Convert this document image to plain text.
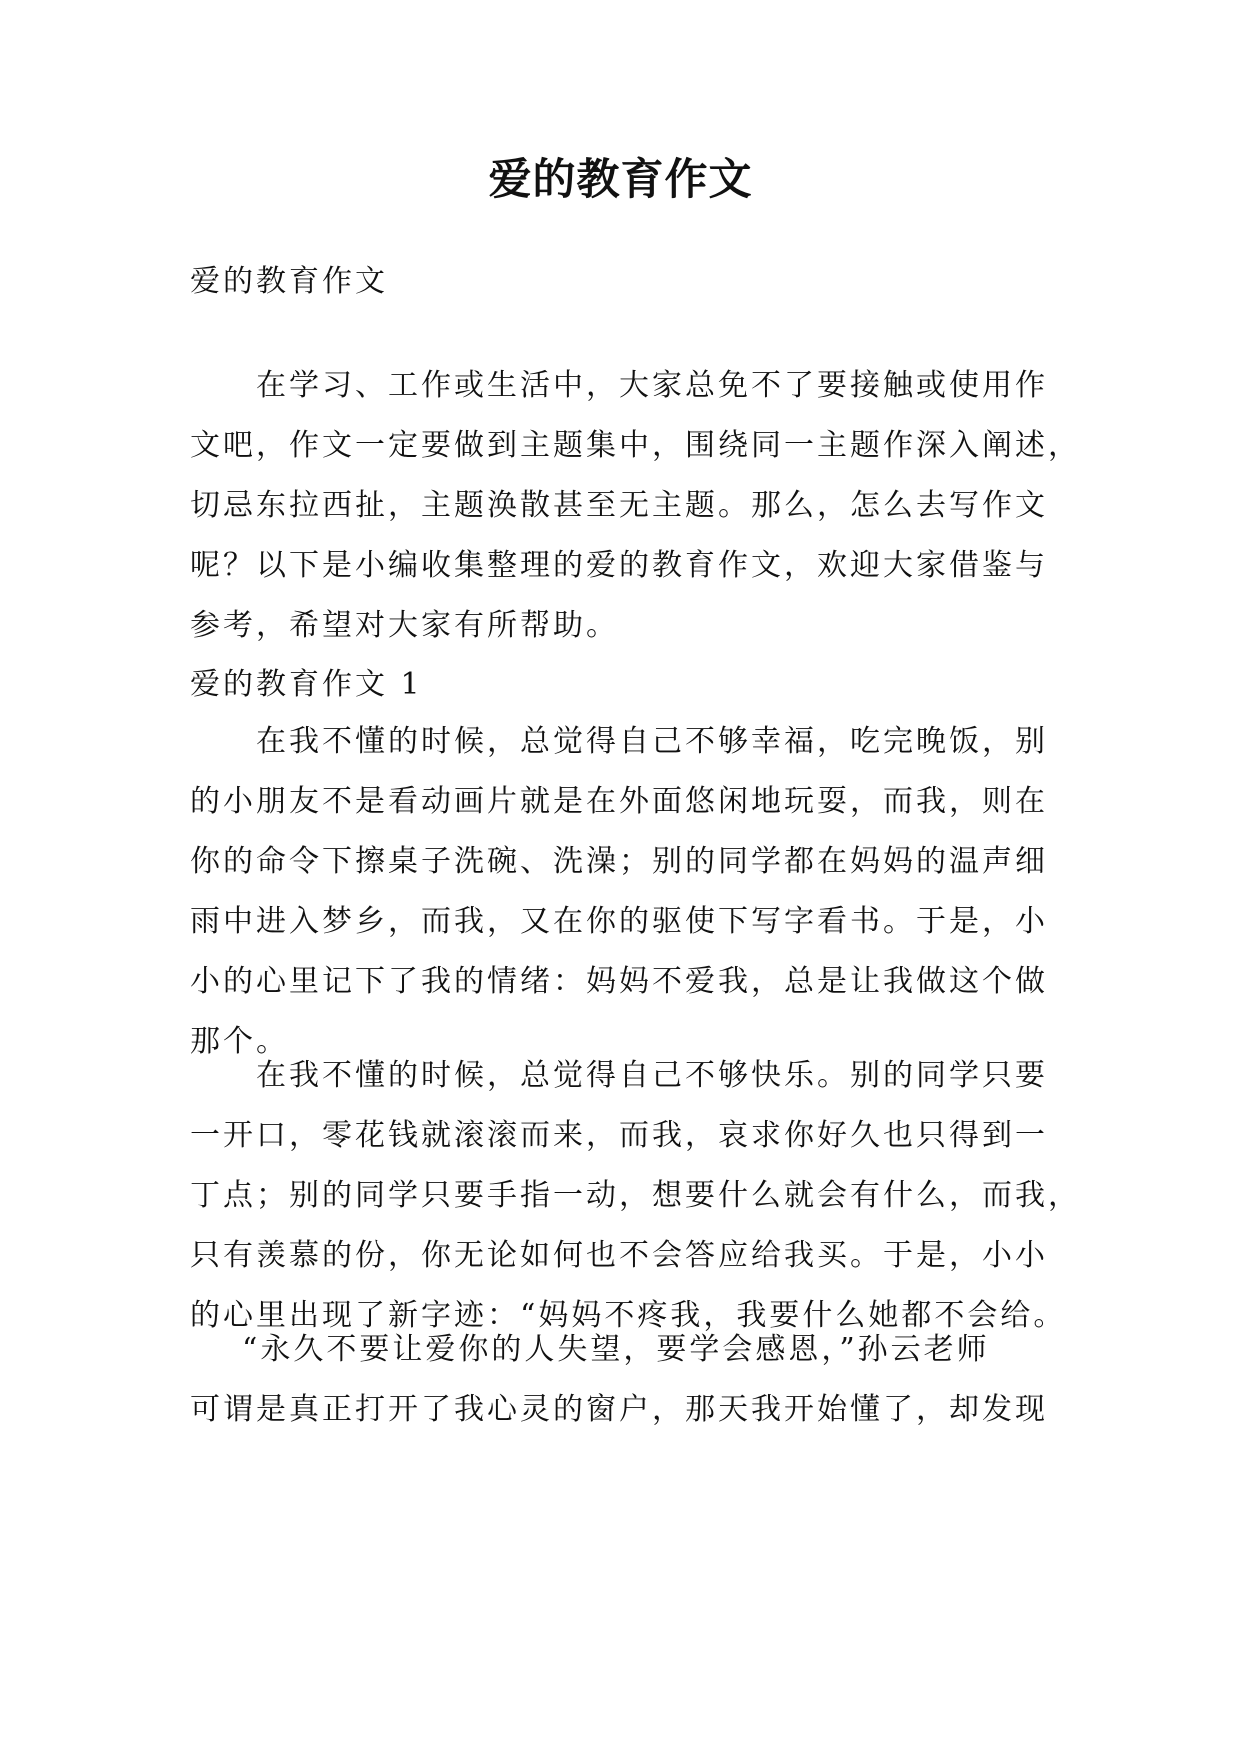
爱的教育作文
爱的教育作文
在学习、工作或生活中，大家总免不了要接触或使用作
文吧，作文一定要做到主题集中，围绕同一主题作深入阐述，
切忌东拉西扯，主题涣散甚至无主题。那么，怎么去写作文
呢？以下是小编收集整理的爱的教育作文，欢迎大家借鉴与
参考，希望对大家有所帮助。
爱的教育作文 1
在我不懂的时候，总觉得自己不够幸福，吃完晚饭，别
的小朋友不是看动画片就是在外面悠闲地玩耍，而我，则在
你的命令下擦桌子洗碗、洗澡；别的同学都在妈妈的温声细
雨中进入梦乡，而我，又在你的驱使下写字看书。于是，小
小的心里记下了我的情绪：妈妈不爱我，总是让我做这个做
那个。
在我不懂的时候，总觉得自己不够快乐。别的同学只要
一开口，零花钱就滚滚而来，而我，哀求你好久也只得到一
丁点；别的同学只要手指一动，想要什么就会有什么，而我，
只有羡慕的份，你无论如何也不会答应给我买。于是，小小
的心里出现了新字迹：“妈妈不疼我，我要什么她都不会给。
“永久不要让爱你的人失望，要学会感恩，”孙云老师
可谓是真正打开了我心灵的窗户，那天我开始懂了，却发现
